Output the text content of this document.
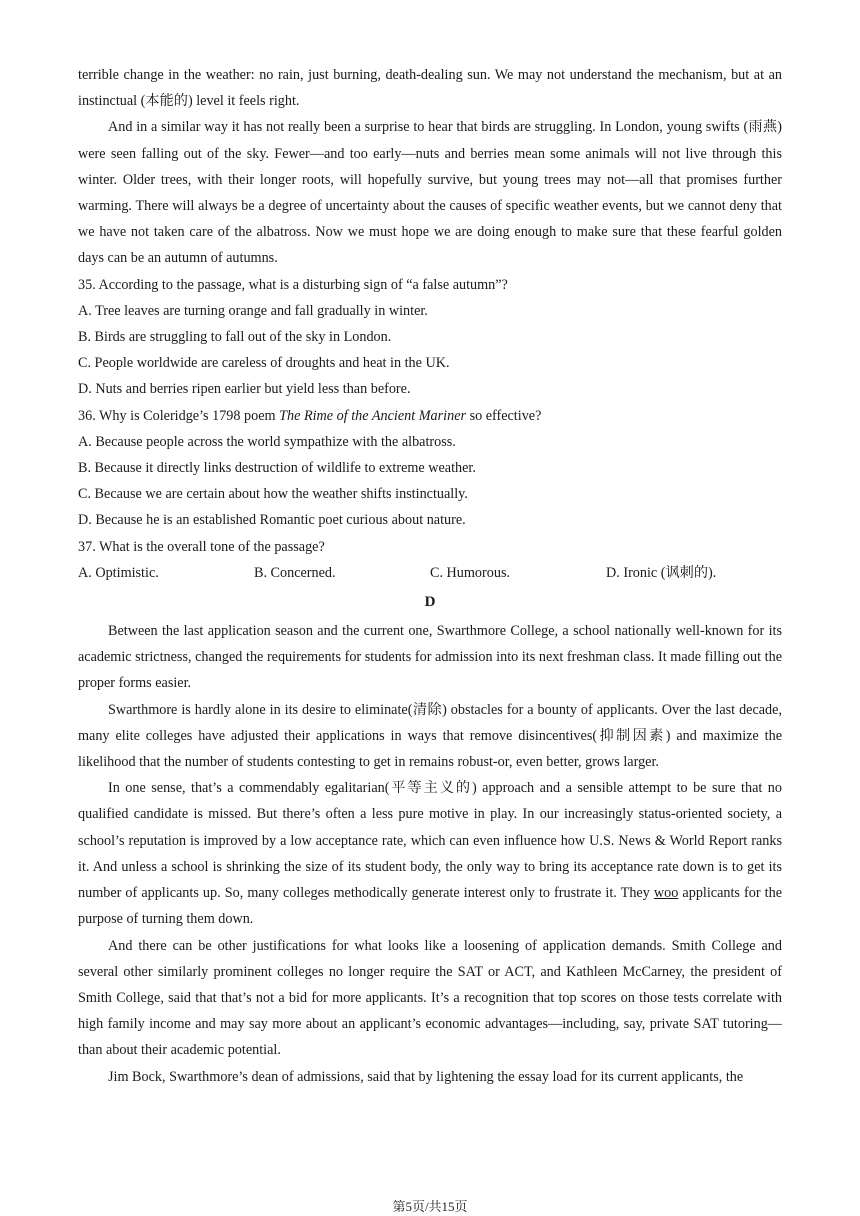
terrible change in the weather: no rain, just burning, death-dealing sun. We may not understand the mechanism, but at an instinctual (本能的) level it feels right.

And in a similar way it has not really been a surprise to hear that birds are struggling. In London, young swifts (雨燕) were seen falling out of the sky. Fewer—and too early—nuts and berries mean some animals will not live through this winter. Older trees, with their longer roots, will hopefully survive, but young trees may not—all that promises further warming. There will always be a degree of uncertainty about the causes of specific weather events, but we cannot deny that we have not taken care of the albatross. Now we must hope we are doing enough to make sure that these fearful golden days can be an autumn of autumns.

35. According to the passage, what is a disturbing sign of “a false autumn”?

A. Tree leaves are turning orange and fall gradually in winter.

B. Birds are struggling to fall out of the sky in London.

C. People worldwide are careless of droughts and heat in the UK.

D. Nuts and berries ripen earlier but yield less than before.

36. Why is Coleridge’s 1798 poem The Rime of the Ancient Mariner so effective?

A. Because people across the world sympathize with the albatross.

B. Because it directly links destruction of wildlife to extreme weather.

C. Because we are certain about how the weather shifts instinctually.

D. Because he is an established Romantic poet curious about nature.

37. What is the overall tone of the passage?

A. Optimistic.	B. Concerned.	C. Humorous.	D. Ironic (讽刺的).
D

Between the last application season and the current one, Swarthmore College, a school nationally well-known for its academic strictness, changed the requirements for students for admission into its next freshman class. It made filling out the proper forms easier.

Swarthmore is hardly alone in its desire to eliminate(清除) obstacles for a bounty of applicants. Over the last decade, many elite colleges have adjusted their applications in ways that remove disincentives(抑制因素) and maximize the likelihood that the number of students contesting to get in remains robust-or, even better, grows larger.

In one sense, that’s a commendably egalitarian(平等主义的) approach and a sensible attempt to be sure that no qualified candidate is missed. But there’s often a less pure motive in play. In our increasingly status-oriented society, a school’s reputation is improved by a low acceptance rate, which can even influence how U.S. News & World Report ranks it. And unless a school is shrinking the size of its student body, the only way to bring its acceptance rate down is to get its number of applicants up. So, many colleges methodically generate interest only to frustrate it. They woo applicants for the purpose of turning them down.

And there can be other justifications for what looks like a loosening of application demands. Smith College and several other similarly prominent colleges no longer require the SAT or ACT, and Kathleen McCarney, the president of Smith College, said that that’s not a bid for more applicants. It’s a recognition that top scores on those tests correlate with high family income and may say more about an applicant’s economic advantages—including, say, private SAT tutoring—than about their academic potential.

Jim Bock, Swarthmore’s dean of admissions, said that by lightening the essay load for its current applicants, the

第5页/共15页
